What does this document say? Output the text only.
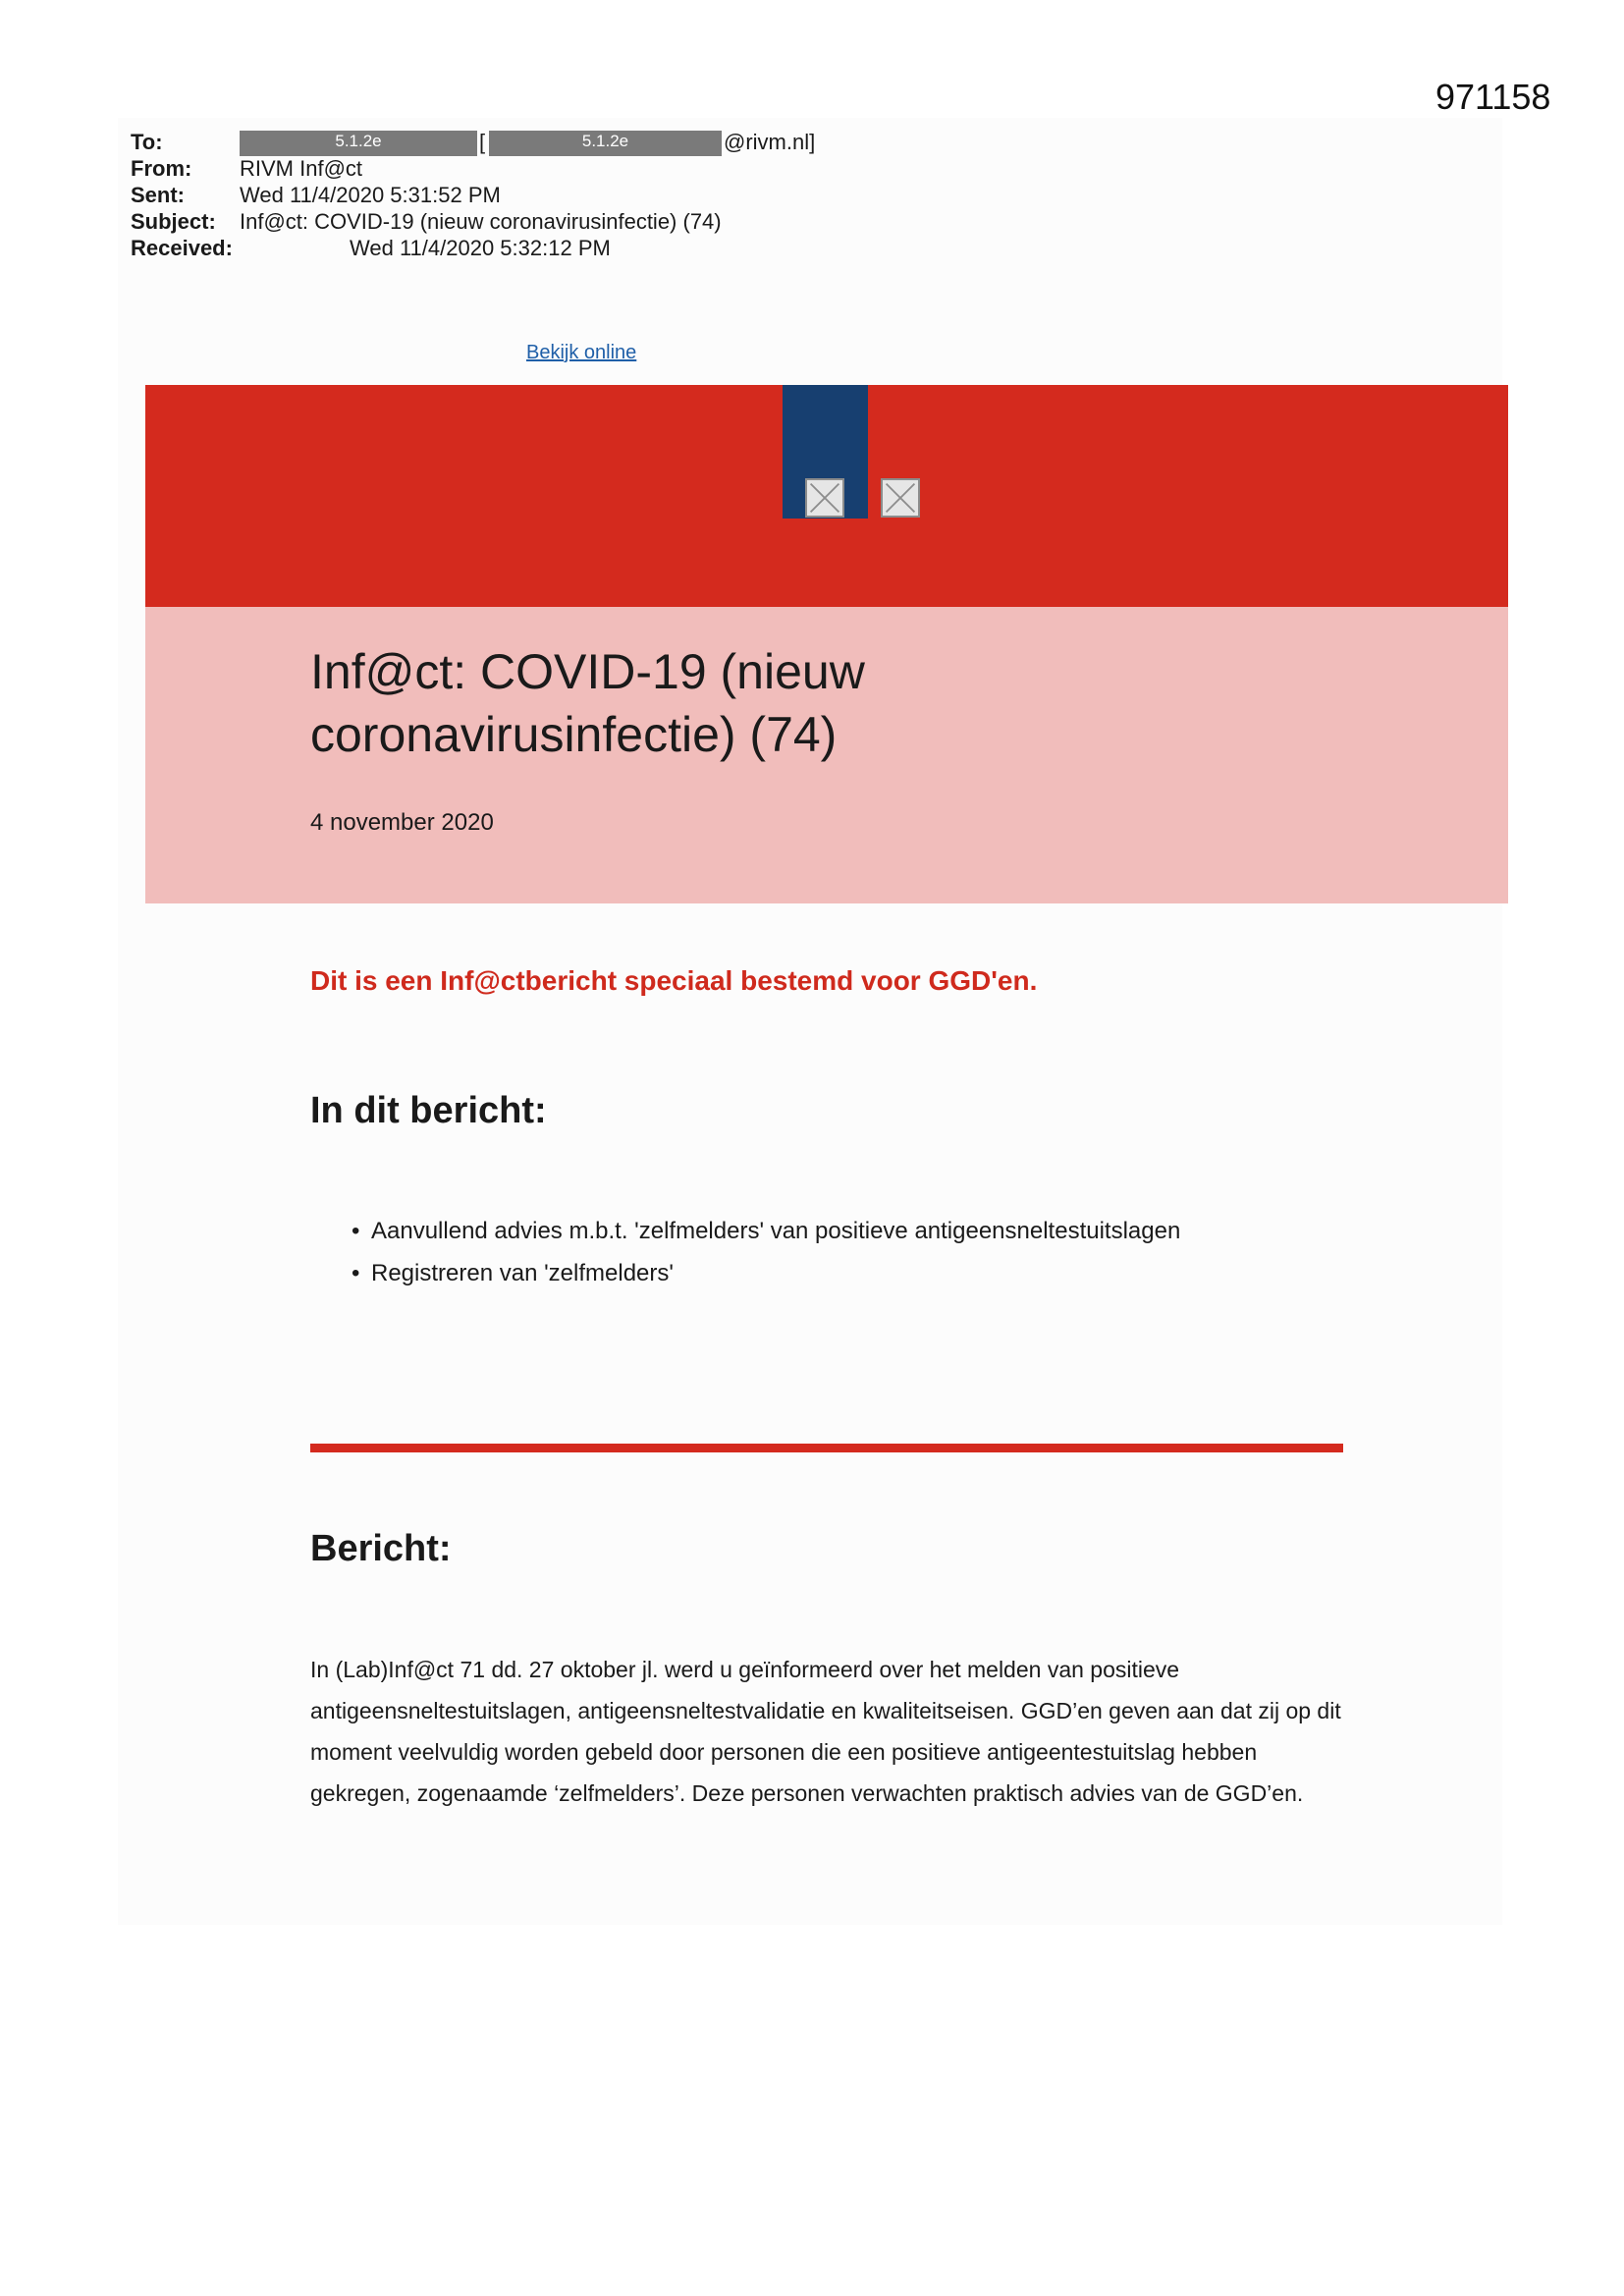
971158
To:	5.1.2e	[	5.1.2e	@rivm.nl]
From: RIVM Inf@ct
Sent:	Wed 11/4/2020 5:31:52 PM
Subject: Inf@ct: COVID-19 (nieuw coronavirusinfectie) (74)
Received:	Wed 11/4/2020 5:32:12 PM
Bekijk online
Inf@ct: COVID-19 (nieuw coronavirusinfectie) (74)
4 november 2020
Dit is een Inf@ctbericht speciaal bestemd voor GGD'en.
In dit bericht:
• Aanvullend advies m.b.t. 'zelfmelders' van positieve antigeensneltestuitslagen
• Registreren van 'zelfmelders'
Bericht:

In (Lab)Inf@ct 71 dd. 27 oktober jl. werd u geïnformeerd over het melden van positieve antigeensneltestuitslagen, antigeensneltestvalidatie en kwaliteitseisen. GGD’en geven aan dat zij op dit moment veelvuldig worden gebeld door personen die een positieve antigeentestuitslag hebben gekregen, zogenaamde ‘zelfmelders’. Deze personen verwachten praktisch advies van de GGD’en.
